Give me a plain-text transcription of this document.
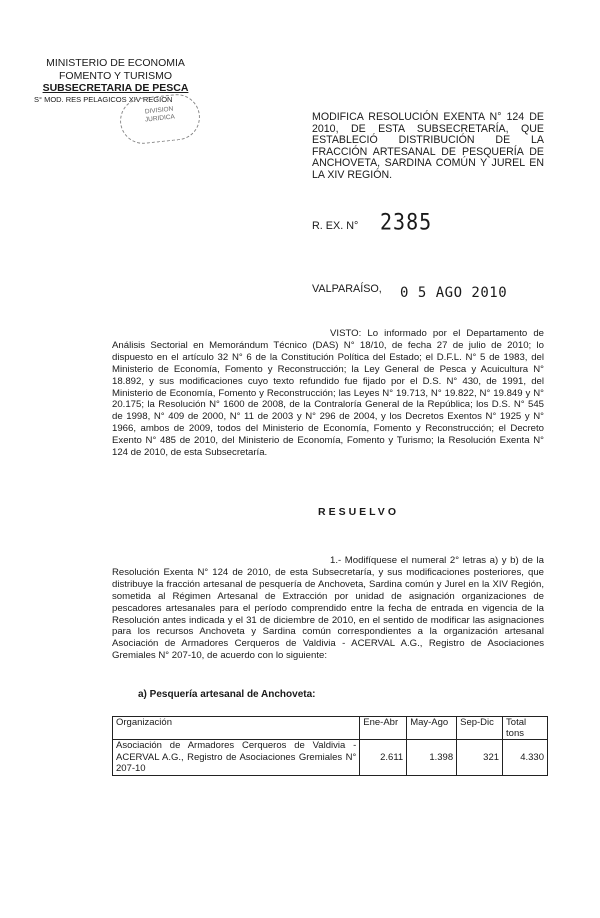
MINISTERIO DE ECONOMIA
FOMENTO Y TURISMO
SUBSECRETARIA DE PESCA
S° MOD. RES PELAGICOS XIV REGION
DIVISION
JURIDICA	MODIFICA RESOLUCIÓN EXENTA N° 124 DE 2010, DE ESTA SUBSECRETARÍA, QUE ESTABLECIÓ DISTRIBUCIÓN DE LA FRACCIÓN ARTESANAL DE PESQUERÍA DE ANCHOVETA, SARDINA COMÚN Y JUREL EN LA XIV REGIÓN.
R. EX. N° 2385
VALPARAÍSO, 0 5 AGO 2010
VISTO: Lo informado por el Departamento de Análisis Sectorial en Memorándum Técnico (DAS) N° 18/10, de fecha 27 de julio de 2010; lo dispuesto en el artículo 32 N° 6 de la Constitución Política del Estado; el D.F.L. N° 5 de 1983, del Ministerio de Economía, Fomento y Reconstrucción; la Ley General de Pesca y Acuicultura N° 18.892, y sus modificaciones cuyo texto refundido fue fijado por el D.S. N° 430, de 1991, del Ministerio de Economía, Fomento y Reconstrucción; las Leyes N° 19.713, N° 19.822, N° 19.849 y N° 20.175; la Resolución N° 1600 de 2008, de la Contraloría General de la República; los D.S. N° 545 de 1998, N° 409 de 2000, N° 11 de 2003 y N° 296 de 2004, y los Decretos Exentos N° 1925 y N° 1966, ambos de 2009, todos del Ministerio de Economía, Fomento y Reconstrucción; el Decreto Exento N° 485 de 2010, del Ministerio de Economía, Fomento y Turismo; la Resolución Exenta N° 124 de 2010, de esta Subsecretaría.
RESUELVO
1.- Modifíquese el numeral 2° letras a) y b) de la Resolución Exenta N° 124 de 2010, de esta Subsecretaría, y sus modificaciones posteriores, que distribuye la fracción artesanal de pesquería de Anchoveta, Sardina común y Jurel en la XIV Región, sometida al Régimen Artesanal de Extracción por unidad de asignación organizaciones de pescadores artesanales para el período comprendido entre la fecha de entrada en vigencia de la Resolución antes indicada y el 31 de diciembre de 2010, en el sentido de modificar las asignaciones para los recursos Anchoveta y Sardina común correspondientes a la organización artesanal Asociación de Armadores Cerqueros de Valdivia - ACERVAL A.G., Registro de Asociaciones Gremiales N° 207-10, de acuerdo con lo siguiente:
a) Pesquería artesanal de Anchoveta:
Organización	Ene-Abr	May-Ago	Sep-Dic	Total tons
Asociación de Armadores Cerqueros de Valdivia - ACERVAL A.G., Registro de Asociaciones Gremiales N° 207-10	2.611	1.398	321	4.330
